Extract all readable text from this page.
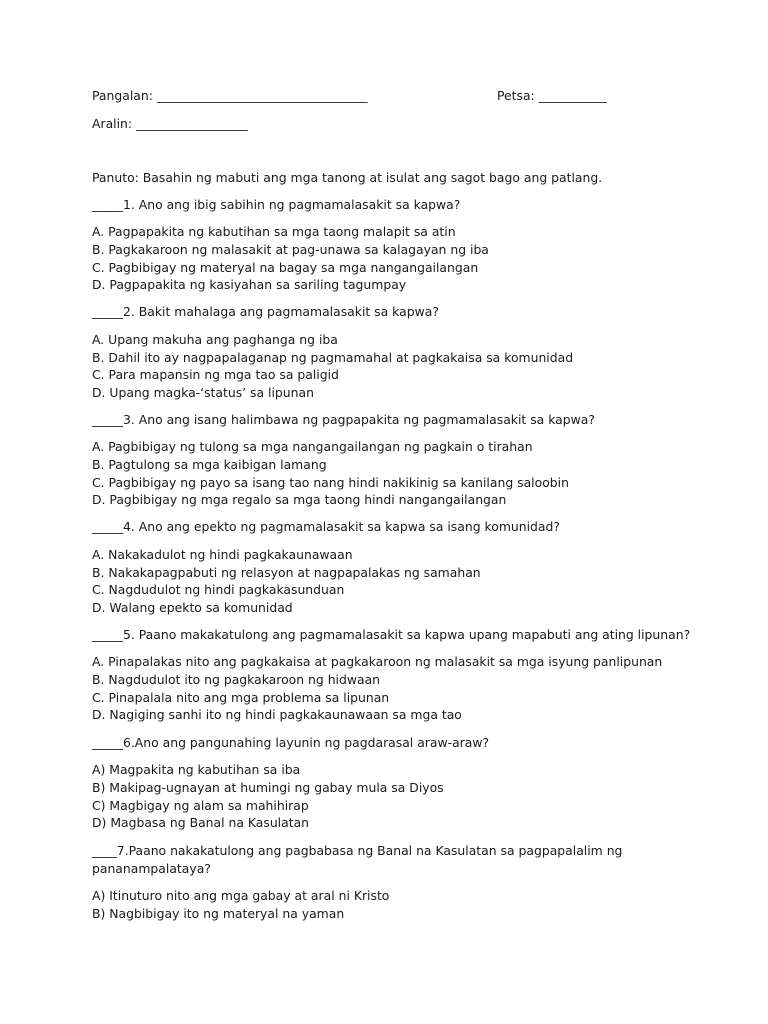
Pangalan: __________________________________	Petsa: ___________
Aralin: __________________
Panuto: Basahin ng mabuti ang mga tanong at isulat ang sagot bago ang patlang.
_____1. Ano ang ibig sabihin ng pagmamalasakit sa kapwa?
A. Pagpapakita ng kabutihan sa mga taong malapit sa atin
B. Pagkakaroon ng malasakit at pag-unawa sa kalagayan ng iba
C. Pagbibigay ng materyal na bagay sa mga nangangailangan
D. Pagpapakita ng kasiyahan sa sariling tagumpay
_____2. Bakit mahalaga ang pagmamalasakit sa kapwa?
A. Upang makuha ang paghanga ng iba
B. Dahil ito ay nagpapalaganap ng pagmamahal at pagkakaisa sa komunidad
C. Para mapansin ng mga tao sa paligid
D. Upang magka-‘status’ sa lipunan
_____3. Ano ang isang halimbawa ng pagpapakita ng pagmamalasakit sa kapwa?
A. Pagbibigay ng tulong sa mga nangangailangan ng pagkain o tirahan
B. Pagtulong sa mga kaibigan lamang
C. Pagbibigay ng payo sa isang tao nang hindi nakikinig sa kanilang saloobin
D. Pagbibigay ng mga regalo sa mga taong hindi nangangailangan
_____4. Ano ang epekto ng pagmamalasakit sa kapwa sa isang komunidad?
A. Nakakadulot ng hindi pagkakaunawaan
B. Nakakapagpabuti ng relasyon at nagpapalakas ng samahan
C. Nagdudulot ng hindi pagkakasunduan
D. Walang epekto sa komunidad
_____5. Paano makakatulong ang pagmamalasakit sa kapwa upang mapabuti ang ating lipunan?
A. Pinapalakas nito ang pagkakaisa at pagkakaroon ng malasakit sa mga isyung panlipunan
B. Nagdudulot ito ng pagkakaroon ng hidwaan
C. Pinapalala nito ang mga problema sa lipunan
D. Nagiging sanhi ito ng hindi pagkakaunawaan sa mga tao
_____6.Ano ang pangunahing layunin ng pagdarasal araw-araw?
A) Magpakita ng kabutihan sa iba
B) Makipag-ugnayan at humingi ng gabay mula sa Diyos
C) Magbigay ng alam sa mahihirap
D) Magbasa ng Banal na Kasulatan
____7.Paano nakakatulong ang pagbabasa ng Banal na Kasulatan sa pagpapalalim ng
pananampalataya?
A) Itinuturo nito ang mga gabay at aral ni Kristo
B) Nagbibigay ito ng materyal na yaman
